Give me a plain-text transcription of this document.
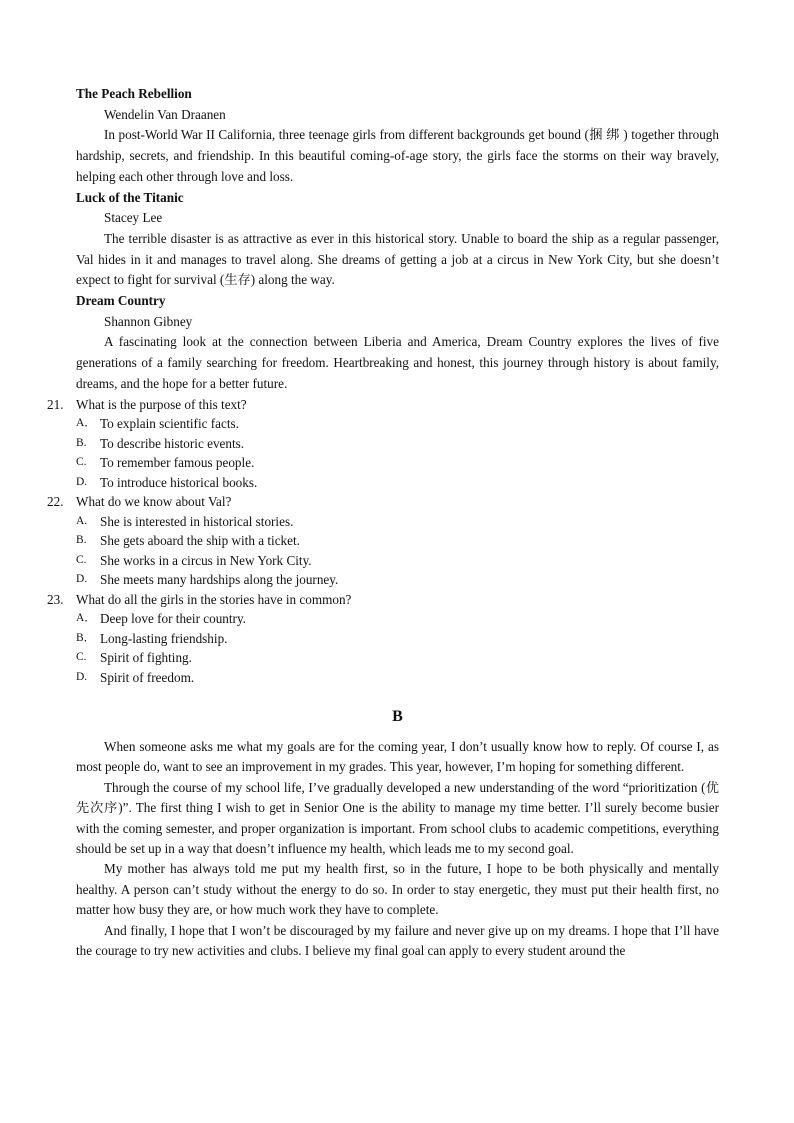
The Peach Rebellion

Wendelin Van Draanen

In post-World War II California, three teenage girls from different backgrounds get bound (捆 绑 ) together through hardship, secrets, and friendship. In this beautiful coming-of-age story, the girls face the storms on their way bravely, helping each other through love and loss.

Luck of the Titanic

Stacey Lee

The terrible disaster is as attractive as ever in this historical story. Unable to board the ship as a regular passenger, Val hides in it and manages to travel along. She dreams of getting a job at a circus in New York City, but she doesn’t expect to fight for survival (生存) along the way.

Dream Country

Shannon Gibney

A fascinating look at the connection between Liberia and America, Dream Country explores the lives of five generations of a family searching for freedom. Heartbreaking and honest, this journey through history is about family, dreams, and the hope for a better future.

21. What is the purpose of this text?

A． To explain scientific facts.

B. To describe historic events.

C. To remember famous people.

D. To introduce historical books.

22. What do we know about Val?

A. She is interested in historical stories.

B. She gets aboard the ship with a ticket.

C. She works in a circus in New York City.

D. She meets many hardships along the journey.

23. What do all the girls in the stories have in common?

A． Deep love for their country.

B． Long-lasting friendship.

C. Spirit of fighting.

D. Spirit of freedom.

B

When someone asks me what my goals are for the coming year, I don’t usually know how to reply. Of course I, as most people do, want to see an improvement in my grades. This year, however, I’m hoping for something different.

Through the course of my school life, I’ve gradually developed a new understanding of the word “prioritization (优先次序)”. The first thing I wish to get in Senior One is the ability to manage my time better. I’ll surely become busier with the coming semester, and proper organization is important. From school clubs to academic competitions, everything should be set up in a way that doesn’t influence my health, which leads me to my second goal.

My mother has always told me put my health first, so in the future, I hope to be both physically and mentally healthy. A person can’t study without the energy to do so. In order to stay energetic, they must put their health first, no matter how busy they are, or how much work they have to complete.

And finally, I hope that I won’t be discouraged by my failure and never give up on my dreams. I hope that I’ll have the courage to try new activities and clubs. I believe my final goal can apply to every student around the
